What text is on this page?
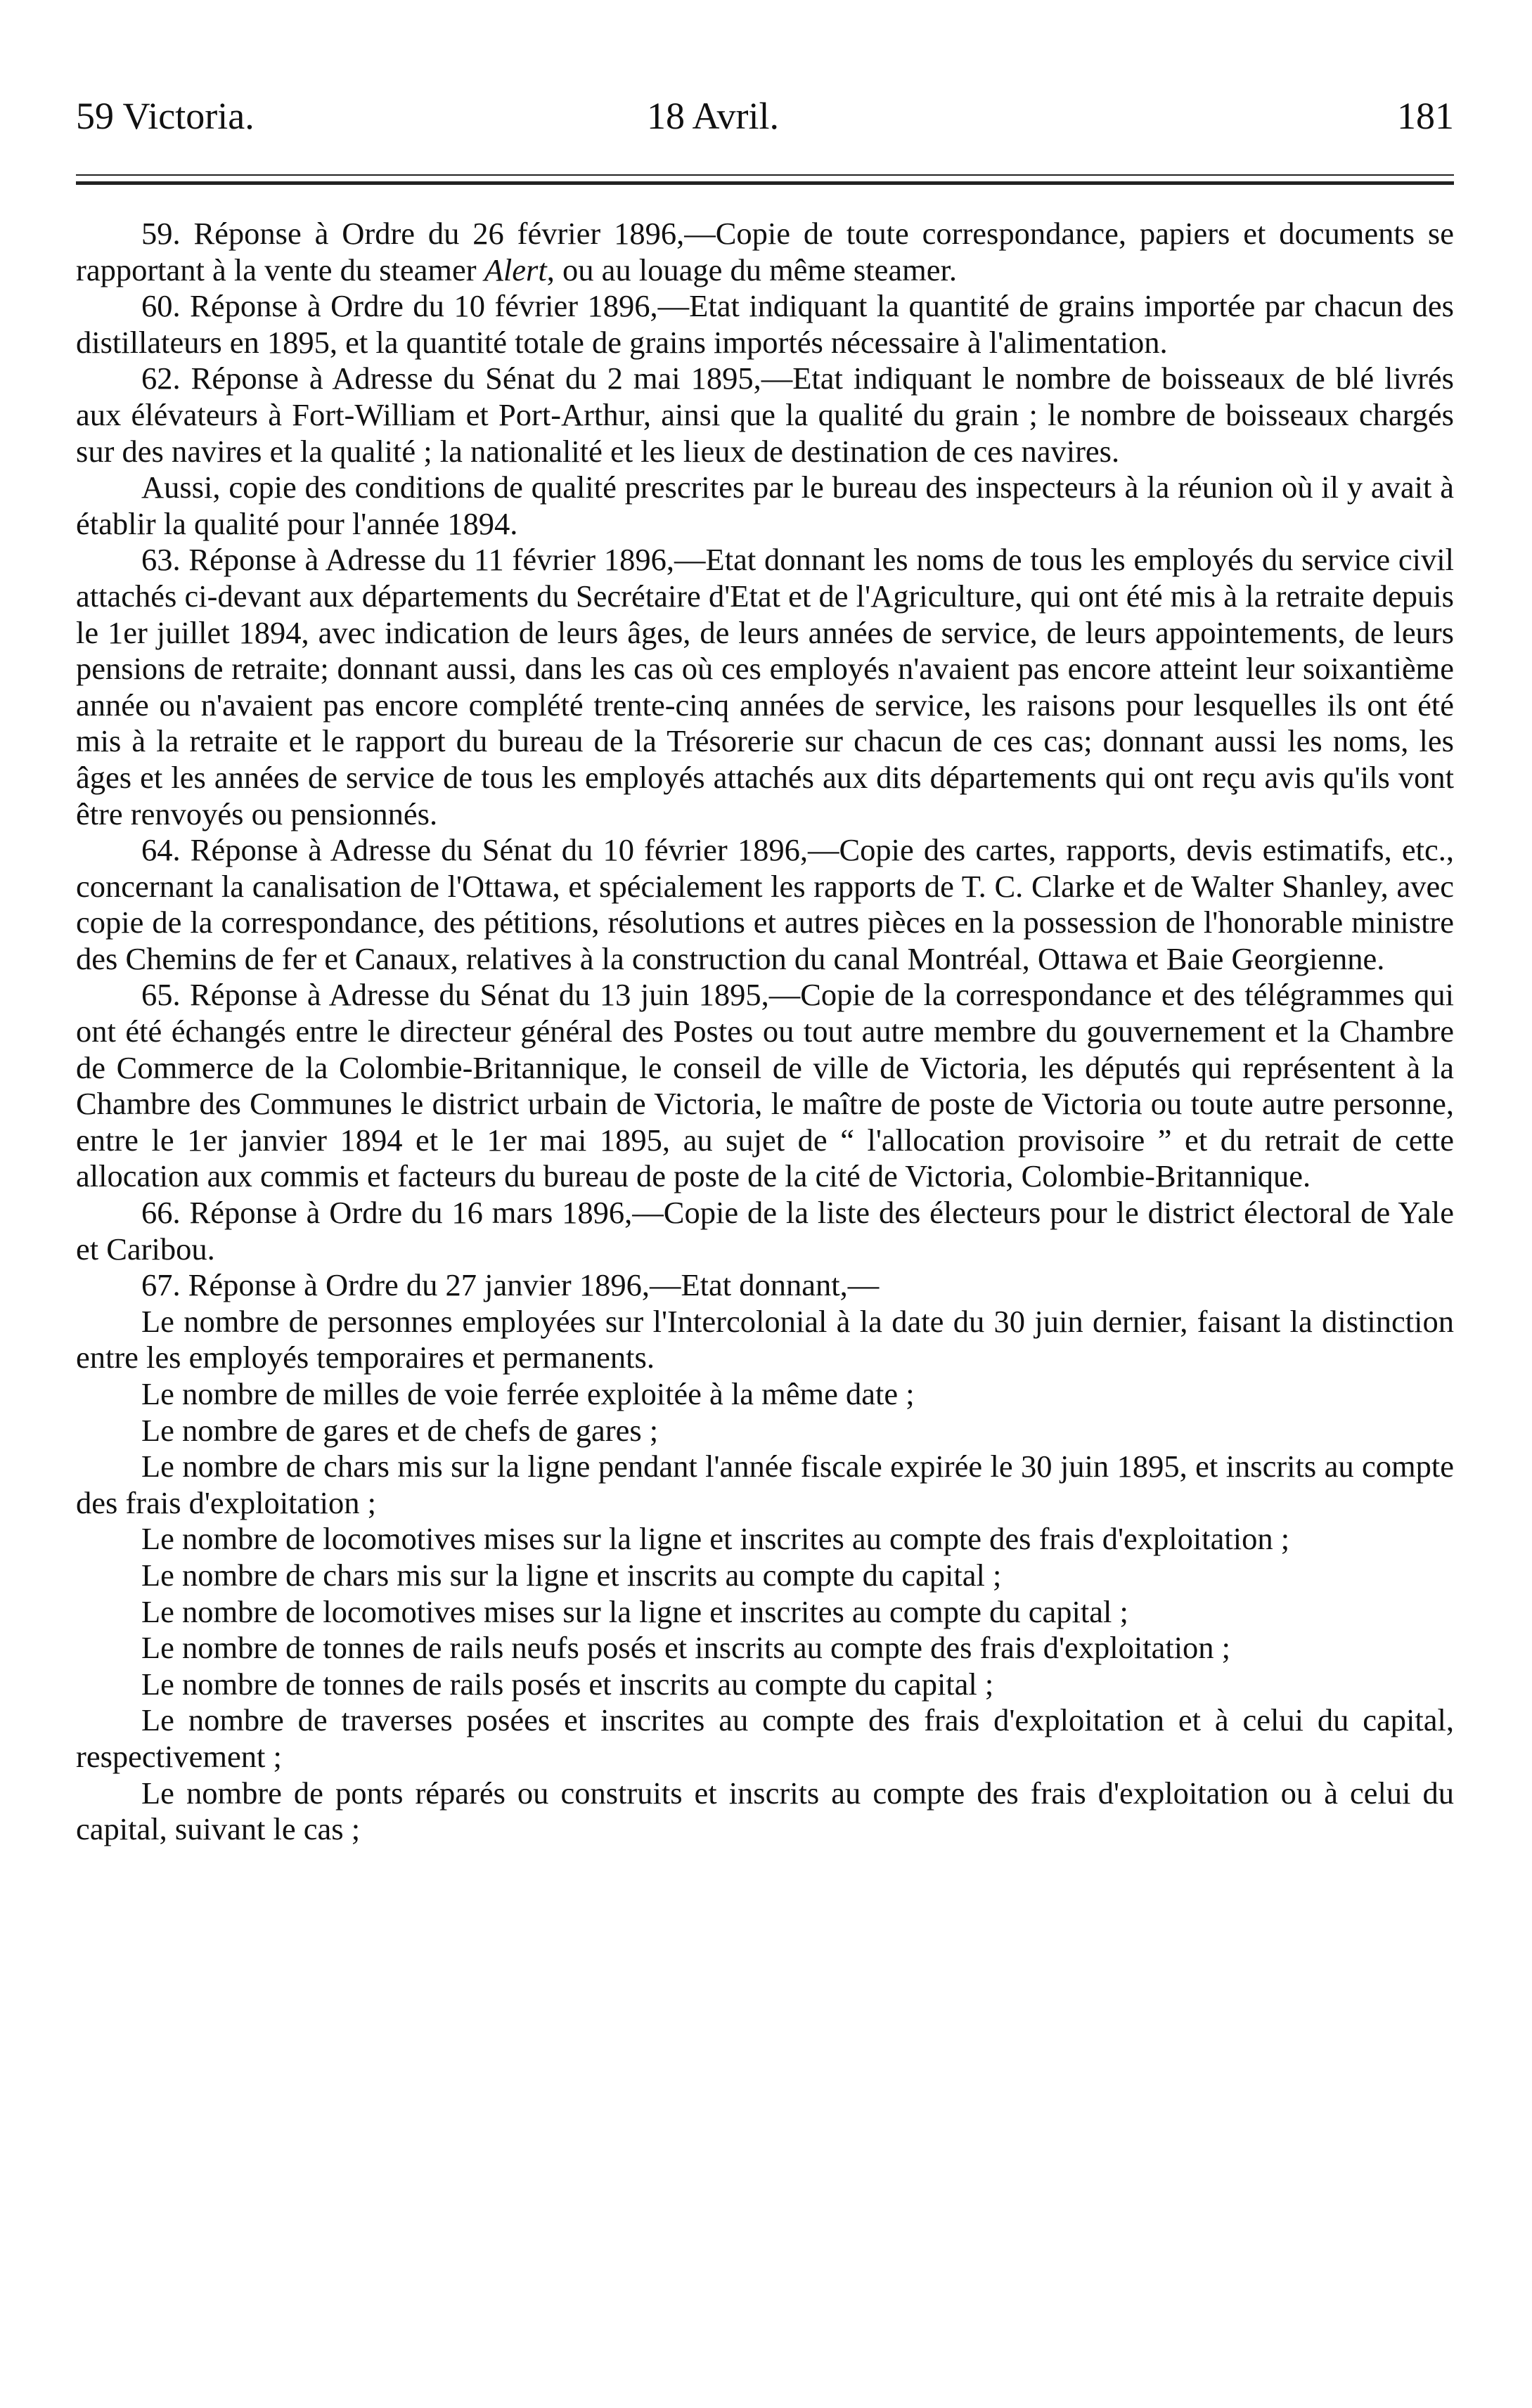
59 Victoria.	18 Avril.	181

59. Réponse à Ordre du 26 février 1896,—Copie de toute correspondance, papiers et documents se rapportant à la vente du steamer Alert, ou au louage du même steamer.

60. Réponse à Ordre du 10 février 1896,—Etat indiquant la quantité de grains importée par chacun des distillateurs en 1895, et la quantité totale de grains importés nécessaire à l'alimentation.

62. Réponse à Adresse du Sénat du 2 mai 1895,—Etat indiquant le nombre de boisseaux de blé livrés aux élévateurs à Fort-William et Port-Arthur, ainsi que la qualité du grain ; le nombre de boisseaux chargés sur des navires et la qualité ; la nationalité et les lieux de destination de ces navires.

Aussi, copie des conditions de qualité prescrites par le bureau des inspecteurs à la réunion où il y avait à établir la qualité pour l'année 1894.

63. Réponse à Adresse du 11 février 1896,—Etat donnant les noms de tous les employés du service civil attachés ci-devant aux départements du Secrétaire d'Etat et de l'Agriculture, qui ont été mis à la retraite depuis le 1er juillet 1894, avec indication de leurs âges, de leurs années de service, de leurs appointements, de leurs pensions de retraite; donnant aussi, dans les cas où ces employés n'avaient pas encore atteint leur soixantième année ou n'avaient pas encore complété trente-cinq années de service, les raisons pour lesquelles ils ont été mis à la retraite et le rapport du bureau de la Trésorerie sur chacun de ces cas; donnant aussi les noms, les âges et les années de service de tous les employés attachés aux dits départements qui ont reçu avis qu'ils vont être renvoyés ou pensionnés.

64. Réponse à Adresse du Sénat du 10 février 1896,—Copie des cartes, rapports, devis estimatifs, etc., concernant la canalisation de l'Ottawa, et spécialement les rapports de T. C. Clarke et de Walter Shanley, avec copie de la correspondance, des pétitions, résolutions et autres pièces en la possession de l'honorable ministre des Chemins de fer et Canaux, relatives à la construction du canal Montréal, Ottawa et Baie Georgienne.

65. Réponse à Adresse du Sénat du 13 juin 1895,—Copie de la correspondance et des télégrammes qui ont été échangés entre le directeur général des Postes ou tout autre membre du gouvernement et la Chambre de Commerce de la Colombie-Britannique, le conseil de ville de Victoria, les députés qui représentent à la Chambre des Communes le district urbain de Victoria, le maître de poste de Victoria ou toute autre personne, entre le 1er janvier 1894 et le 1er mai 1895, au sujet de “ l'allocation provisoire ” et du retrait de cette allocation aux commis et facteurs du bureau de poste de la cité de Victoria, Colombie-Britannique.

66. Réponse à Ordre du 16 mars 1896,—Copie de la liste des électeurs pour le district électoral de Yale et Caribou.

67. Réponse à Ordre du 27 janvier 1896,—Etat donnant,—

Le nombre de personnes employées sur l'Intercolonial à la date du 30 juin dernier, faisant la distinction entre les employés temporaires et permanents.

Le nombre de milles de voie ferrée exploitée à la même date ;

Le nombre de gares et de chefs de gares ;

Le nombre de chars mis sur la ligne pendant l'année fiscale expirée le 30 juin 1895, et inscrits au compte des frais d'exploitation ;

Le nombre de locomotives mises sur la ligne et inscrites au compte des frais d'exploitation ;

Le nombre de chars mis sur la ligne et inscrits au compte du capital ;

Le nombre de locomotives mises sur la ligne et inscrites au compte du capital ;

Le nombre de tonnes de rails neufs posés et inscrits au compte des frais d'exploitation ;

Le nombre de tonnes de rails posés et inscrits au compte du capital ;

Le nombre de traverses posées et inscrites au compte des frais d'exploitation et à celui du capital, respectivement ;

Le nombre de ponts réparés ou construits et inscrits au compte des frais d'exploitation ou à celui du capital, suivant le cas ;
